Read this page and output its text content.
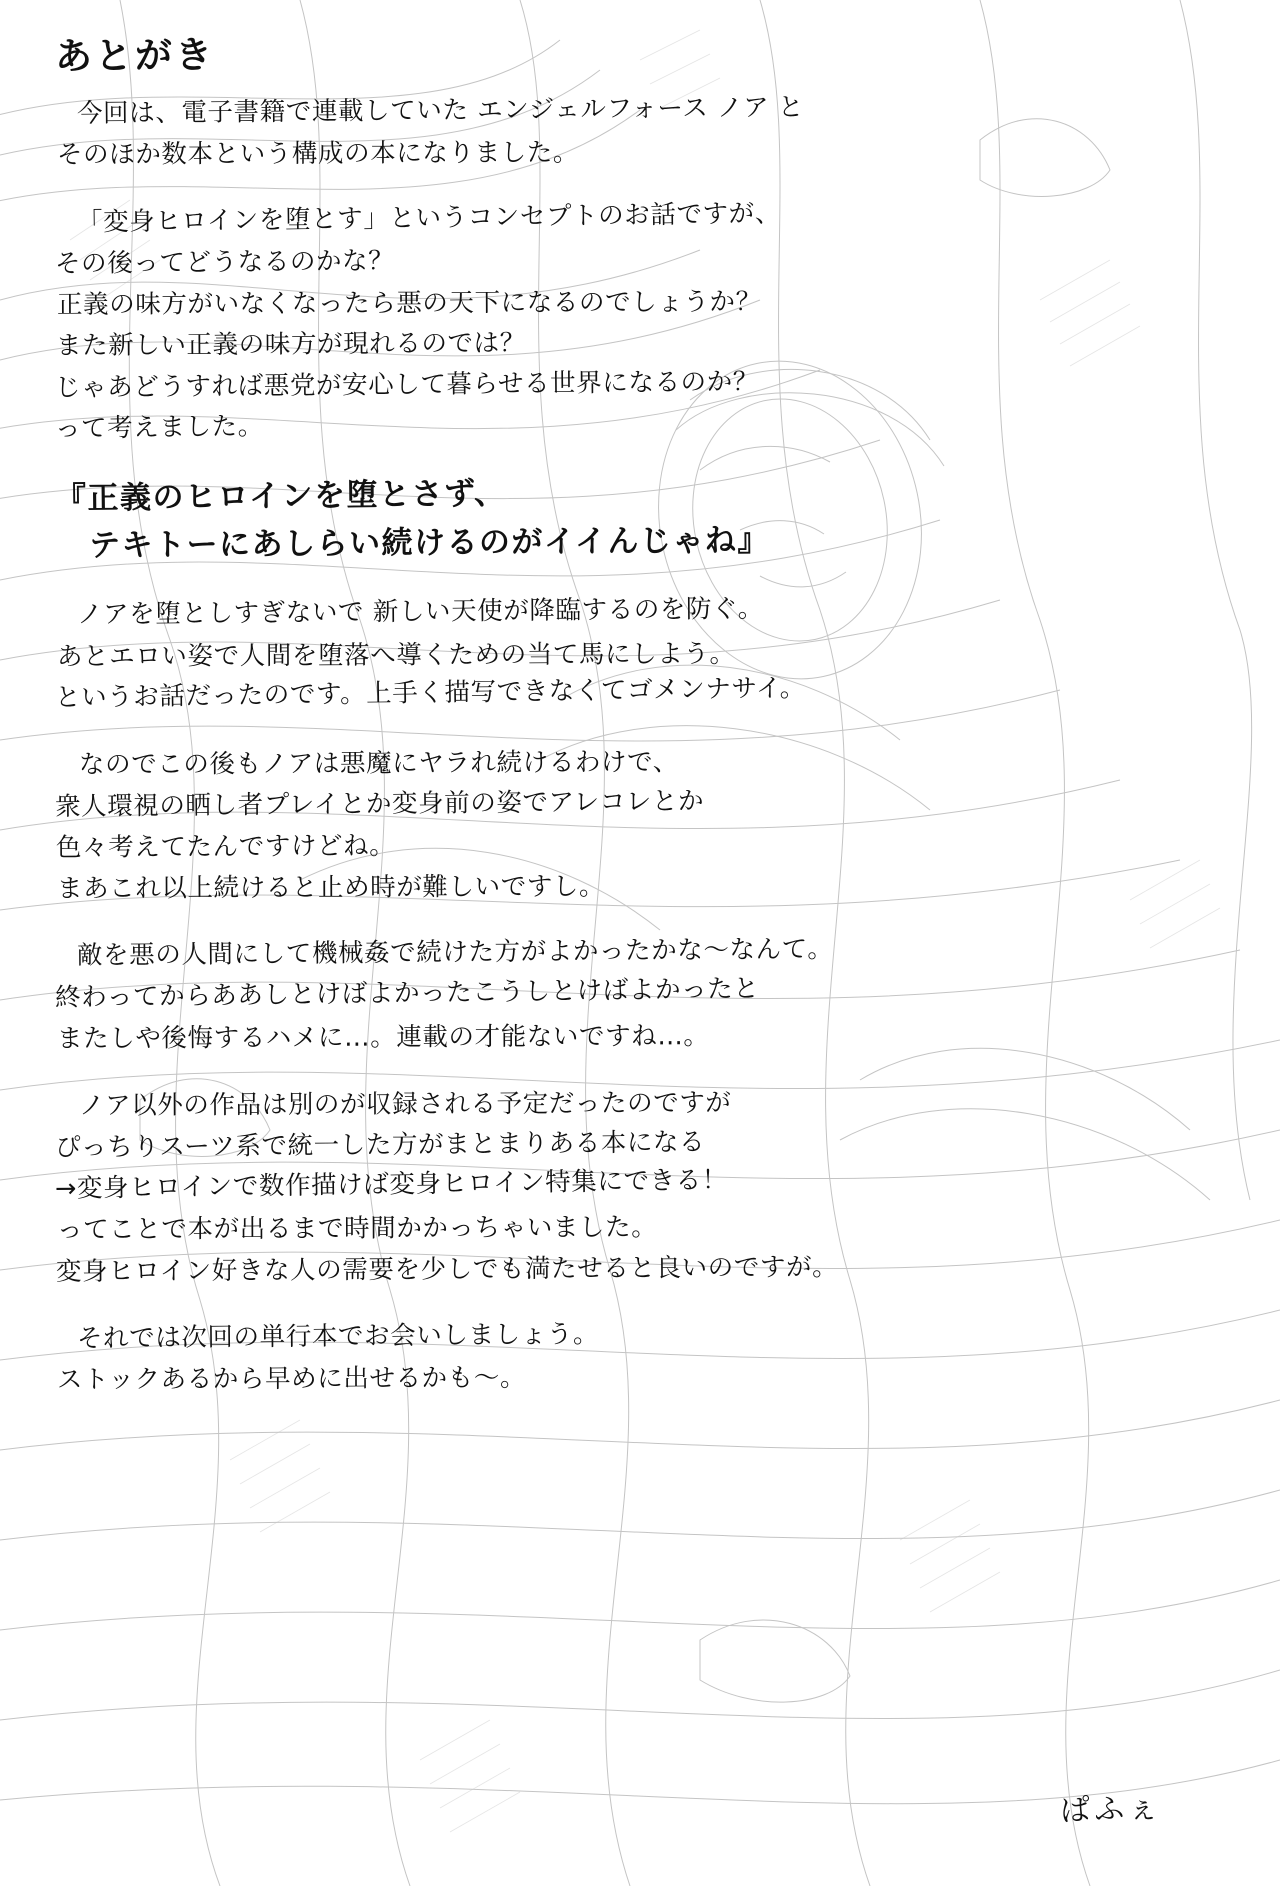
あとがき
今回は、電子書籍で連載していた エンジェルフォース ノア と
そのほか数本という構成の本になりました。
「変身ヒロインを堕とす」というコンセプトのお話ですが、
その後ってどうなるのかな？
正義の味方がいなくなったら悪の天下になるのでしょうか？
また新しい正義の味方が現れるのでは？
じゃあどうすれば悪党が安心して暮らせる世界になるのか？
って考えました。
『正義のヒロインを堕とさず、
テキトーにあしらい続けるのがイイんじゃね』
ノアを堕としすぎないで 新しい天使が降臨するのを防ぐ。
あとエロい姿で人間を堕落へ導くための当て馬にしよう。
というお話だったのです。上手く描写できなくてゴメンナサイ。
なのでこの後もノアは悪魔にヤラれ続けるわけで、
衆人環視の晒し者プレイとか変身前の姿でアレコレとか
色々考えてたんですけどね。
まあこれ以上続けると止め時が難しいですし。
敵を悪の人間にして機械姦で続けた方がよかったかな～なんて。
終わってからああしとけばよかったこうしとけばよかったと
またしや後悔するハメに…。連載の才能ないですね…。
ノア以外の作品は別のが収録される予定だったのですが
ぴっちりスーツ系で統一した方がまとまりある本になる
→変身ヒロインで数作描けば変身ヒロイン特集にできる！
ってことで本が出るまで時間かかっちゃいました。
変身ヒロイン好きな人の需要を少しでも満たせると良いのですが。
それでは次回の単行本でお会いしましょう。
ストックあるから早めに出せるかも～。
ぱふぇ
